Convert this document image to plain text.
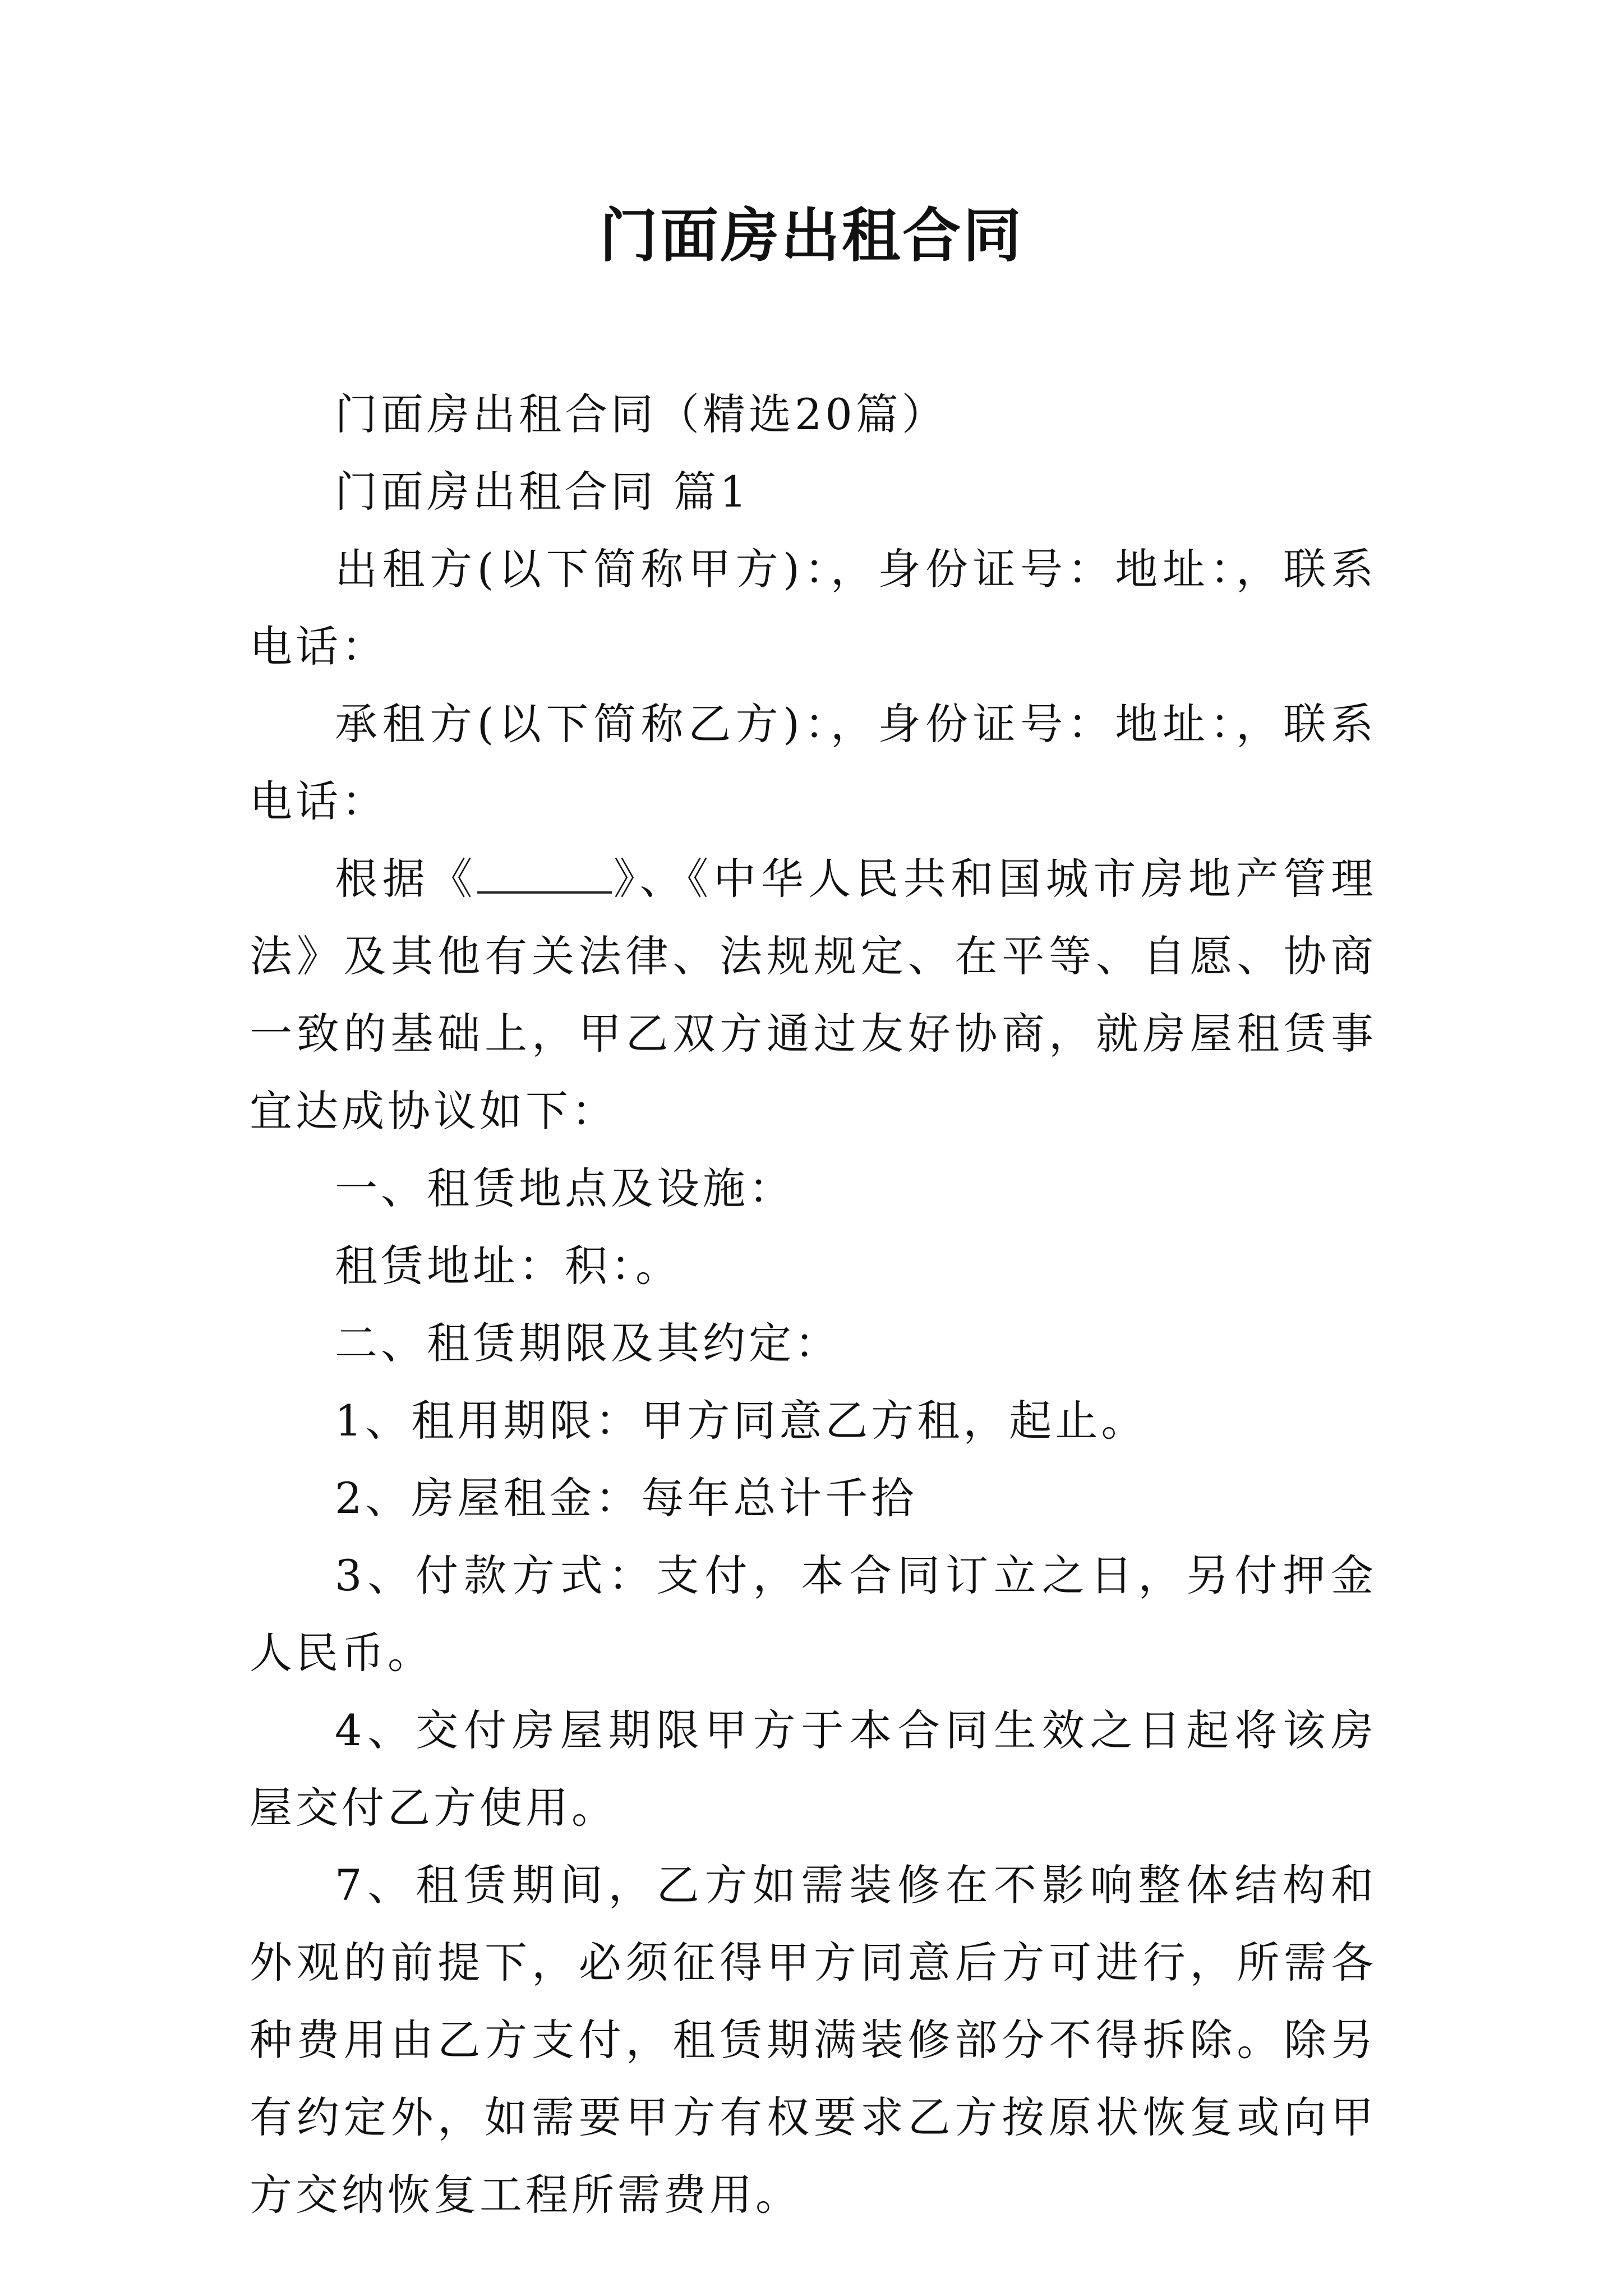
门面房出租合同

门面房出租合同（精选20篇）

门面房出租合同 篇1

出租方(以下简称甲方)：，身份证号：地址：，联系电话：

承租方(以下简称乙方)：，身份证号：地址：，联系电话：

根据《	》、《中华人民共和国城市房地产管理法》及其他有关法律、法规规定、在平等、自愿、协商一致的基础上，甲乙双方通过友好协商，就房屋租赁事宜达成协议如下：

一、租赁地点及设施：

租赁地址：积：。

二、租赁期限及其约定：

1、租用期限：甲方同意乙方租，起止。

2、房屋租金：每年总计千拾

3、付款方式：支付，本合同订立之日，另付押金人民币。

4、交付房屋期限甲方于本合同生效之日起将该房屋交付乙方使用。

7、租赁期间，乙方如需装修在不影响整体结构和外观的前提下，必须征得甲方同意后方可进行，所需各种费用由乙方支付，租赁期满装修部分不得拆除。除另有约定外，如需要甲方有权要求乙方按原状恢复或向甲方交纳恢复工程所需费用。
